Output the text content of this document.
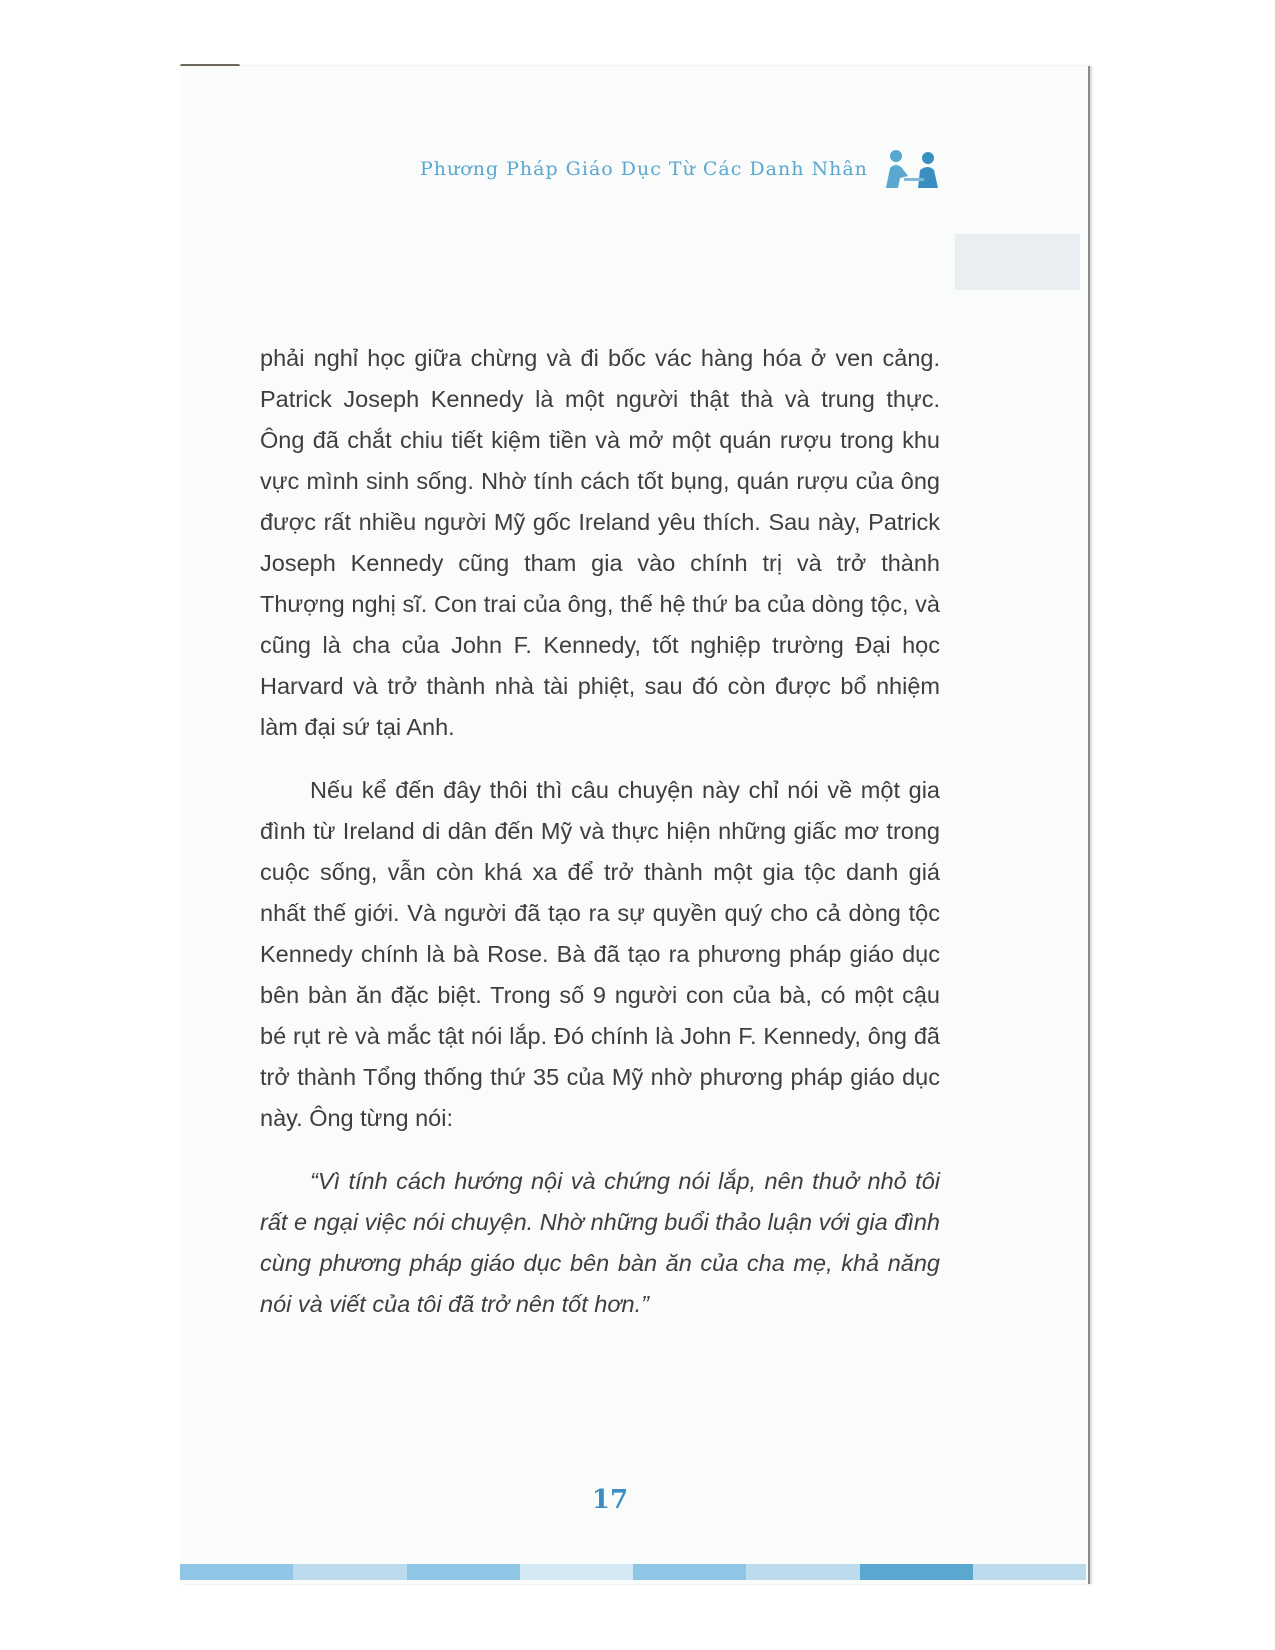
Phương Pháp Giáo Dục Từ Các Danh Nhân

phải nghỉ học giữa chừng và đi bốc vác hàng hóa ở ven cảng. Patrick Joseph Kennedy là một người thật thà và trung thực. Ông đã chắt chiu tiết kiệm tiền và mở một quán rượu trong khu vực mình sinh sống. Nhờ tính cách tốt bụng, quán rượu của ông được rất nhiều người Mỹ gốc Ireland yêu thích. Sau này, Patrick Joseph Kennedy cũng tham gia vào chính trị và trở thành Thượng nghị sĩ. Con trai của ông, thế hệ thứ ba của dòng tộc, và cũng là cha của John F. Kennedy, tốt nghiệp trường Đại học Harvard và trở thành nhà tài phiệt, sau đó còn được bổ nhiệm làm đại sứ tại Anh.

Nếu kể đến đây thôi thì câu chuyện này chỉ nói về một gia đình từ Ireland di dân đến Mỹ và thực hiện những giấc mơ trong cuộc sống, vẫn còn khá xa để trở thành một gia tộc danh giá nhất thế giới. Và người đã tạo ra sự quyền quý cho cả dòng tộc Kennedy chính là bà Rose. Bà đã tạo ra phương pháp giáo dục bên bàn ăn đặc biệt. Trong số 9 người con của bà, có một cậu bé rụt rè và mắc tật nói lắp. Đó chính là John F. Kennedy, ông đã trở thành Tổng thống thứ 35 của Mỹ nhờ phương pháp giáo dục này. Ông từng nói:

“Vì tính cách hướng nội và chứng nói lắp, nên thuở nhỏ tôi rất e ngại việc nói chuyện. Nhờ những buổi thảo luận với gia đình cùng phương pháp giáo dục bên bàn ăn của cha mẹ, khả năng nói và viết của tôi đã trở nên tốt hơn.”

17
